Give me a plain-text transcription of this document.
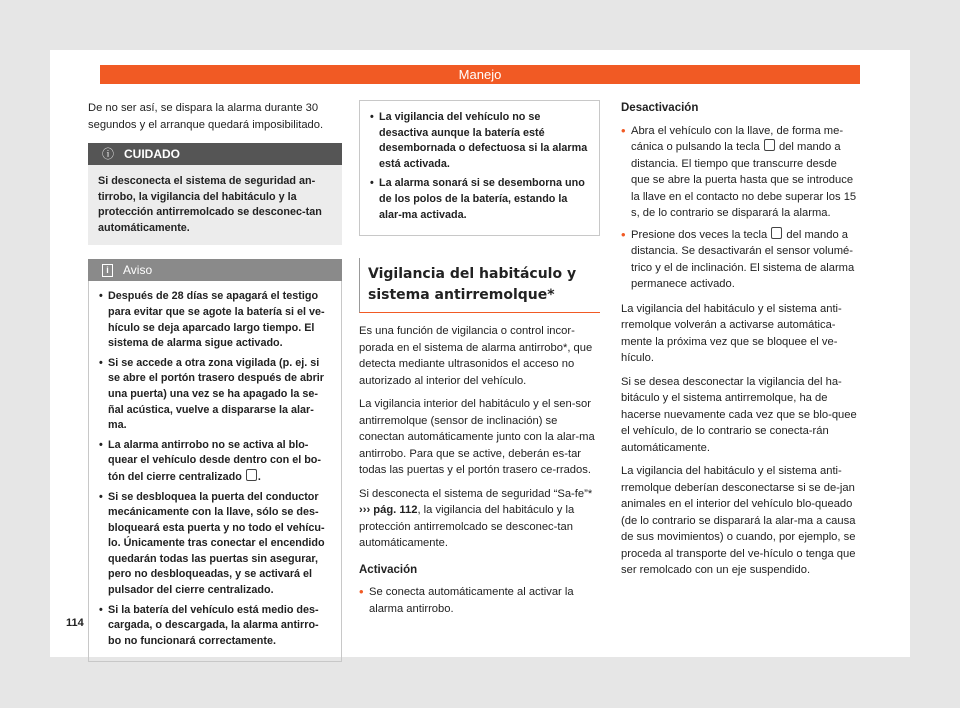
Manejo

De no ser así, se dispara la alarma durante 30 segundos y el arranque quedará imposibilitado.

ⓘ CUIDADO
Si desconecta el sistema de seguridad an-tirrobo, la vigilancia del habitáculo y la protección antirremolcado se desconec-tan automáticamente.
i	Aviso
• Después de 28 días se apagará el testigo para evitar que se agote la batería si el ve-hículo se deja aparcado largo tiempo. El sistema de alarma sigue activado.
• Si se accede a otra zona vigilada (p. ej. si se abre el portón trasero después de abrir una puerta) una vez se ha apagado la se-ñal acústica, vuelve a dispararse la alar-ma.
• La alarma antirrobo no se activa al blo-quear el vehículo desde dentro con el bo-tón del cierre centralizado .
• Si se desbloquea la puerta del conductor mecánicamente con la llave, sólo se des-bloqueará esta puerta y no todo el vehícu-lo. Únicamente tras conectar el encendido quedarán todas las puertas sin asegurar, pero no desbloqueadas, y se activará el pulsador del cierre centralizado.
• Si la batería del vehículo está medio des-cargada, o descargada, la alarma antirro-bo no funcionará correctamente.
• La vigilancia del vehículo no se desactiva aunque la batería esté desembornada o defectuosa si la alarma está activada.
• La alarma sonará si se desemborna uno de los polos de la batería, estando la alar-ma activada.
Vigilancia del habitáculo y sistema antirremolque*

Es una función de vigilancia o control incor-porada en el sistema de alarma antirrobo*, que detecta mediante ultrasonidos el acceso no autorizado al interior del vehículo.

La vigilancia interior del habitáculo y el sen-sor antirremolque (sensor de inclinación) se conectan automáticamente junto con la alar-ma antirrobo. Para que se active, deberán es-tar todas las puertas y el portón trasero ce-rrados.

Si desconecta el sistema de seguridad “Sa-fe”* ››› pág. 112, la vigilancia del habitáculo y la protección antirremolcado se desconec-tan automáticamente.

Activación
• Se conecta automáticamente al activar la alarma antirrobo.
Desactivación
• Abra el vehículo con la llave, de forma me-cánica o pulsando la tecla del mando a distancia. El tiempo que transcurre desde que se abre la puerta hasta que se introduce la llave en el contacto no debe superar los 15 s, de lo contrario se disparará la alarma.
• Presione dos veces la tecla del mando a distancia. Se desactivarán el sensor volumé-trico y el de inclinación. El sistema de alarma permanece activado.

La vigilancia del habitáculo y el sistema anti-rremolque volverán a activarse automática-mente la próxima vez que se bloquee el ve-hículo.

Si se desea desconectar la vigilancia del ha-bitáculo y el sistema antirremolque, ha de hacerse nuevamente cada vez que se blo-quee el vehículo, de lo contrario se conecta-rán automáticamente.

La vigilancia del habitáculo y el sistema anti-rremolque deberían desconectarse si se de-jan animales en el interior del vehículo blo-queado (de lo contrario se disparará la alar-ma a causa de sus movimientos) o cuando, por ejemplo, se proceda al transporte del ve-hículo o tenga que ser remolcado con un eje suspendido.

114
